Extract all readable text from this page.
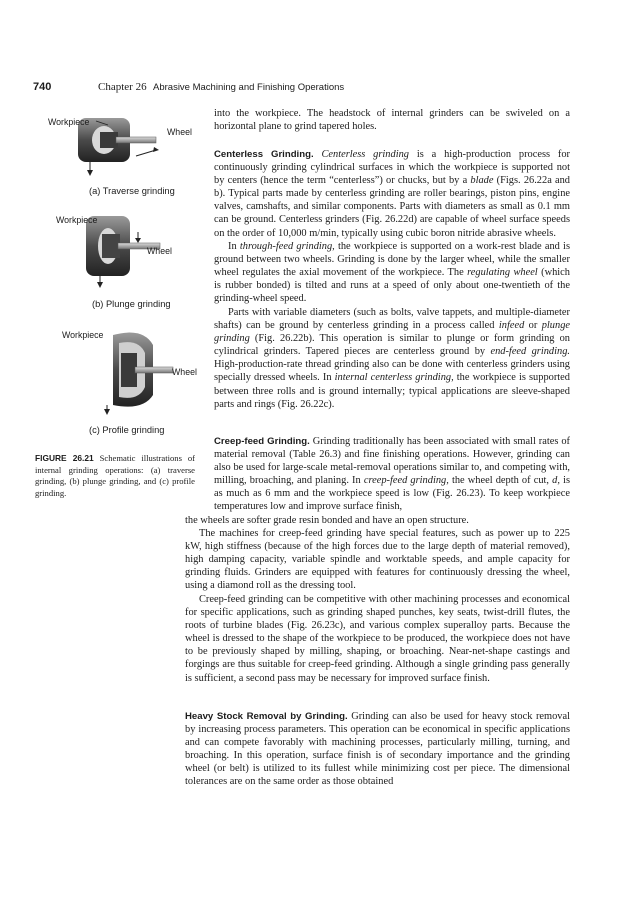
740	Chapter 26 Abrasive Machining and Finishing Operations
Workpiece
Wheel
(a) Traverse grinding
Workpiece
Wheel
(b) Plunge grinding
Workpiece
Wheel
(c) Profile grinding
FIGURE 26.21 Schematic illustrations of internal grinding operations: (a) traverse grinding, (b) plunge grinding, and (c) profile grinding.

into the workpiece. The headstock of internal grinders can be swiveled on a horizontal plane to grind tapered holes.

Centerless Grinding. Centerless grinding is a high-production process for continuously grinding cylindrical surfaces in which the workpiece is supported not by centers (hence the term “centerless”) or chucks, but by a blade (Figs. 26.22a and b). Typical parts made by centerless grinding are roller bearings, piston pins, engine valves, camshafts, and similar components. Parts with diameters as small as 0.1 mm can be ground. Centerless grinders (Fig. 26.22d) are capable of wheel surface speeds on the order of 10,000 m/min, typically using cubic boron nitride abrasive wheels.

In through-feed grinding, the workpiece is supported on a work-rest blade and is ground between two wheels. Grinding is done by the larger wheel, while the smaller wheel regulates the axial movement of the workpiece. The regulating wheel (which is rubber bonded) is tilted and runs at a speed of only about one-twentieth of the grinding-wheel speed.

Parts with variable diameters (such as bolts, valve tappets, and multiple-diameter shafts) can be ground by centerless grinding in a process called infeed or plunge grinding (Fig. 26.22b). This operation is similar to plunge or form grinding on cylindrical grinders. Tapered pieces are centerless ground by end-feed grinding. High-production-rate thread grinding also can be done with centerless grinders using specially dressed wheels. In internal centerless grinding, the workpiece is supported between three rolls and is ground internally; typical applications are sleeve-shaped parts and rings (Fig. 26.22c).

Creep-feed Grinding. Grinding traditionally has been associated with small rates of material removal (Table 26.3) and fine finishing operations. However, grinding can also be used for large-scale metal-removal operations similar to, and competing with, milling, broaching, and planing. In creep-feed grinding, the wheel depth of cut, d, is as much as 6 mm and the workpiece speed is low (Fig. 26.23). To keep workpiece temperatures low and improve surface finish,

the wheels are softer grade resin bonded and have an open structure.

The machines for creep-feed grinding have special features, such as power up to 225 kW, high stiffness (because of the high forces due to the large depth of material removed), high damping capacity, variable spindle and worktable speeds, and ample capacity for grinding fluids. Grinders are equipped with features for continuously dressing the wheel, using a diamond roll as the dressing tool.

Creep-feed grinding can be competitive with other machining processes and economical for specific applications, such as grinding shaped punches, key seats, twist-drill flutes, the roots of turbine blades (Fig. 26.23c), and various complex superalloy parts. Because the wheel is dressed to the shape of the workpiece to be produced, the workpiece does not have to be previously shaped by milling, shaping, or broaching. Near-net-shape castings and forgings are thus suitable for creep-feed grinding. Although a single grinding pass generally is sufficient, a second pass may be necessary for improved surface finish.

Heavy Stock Removal by Grinding. Grinding can also be used for heavy stock removal by increasing process parameters. This operation can be economical in specific applications and can compete favorably with machining processes, particularly milling, turning, and broaching. In this operation, surface finish is of secondary importance and the grinding wheel (or belt) is utilized to its fullest while minimizing cost per piece. The dimensional tolerances are on the same order as those obtained
